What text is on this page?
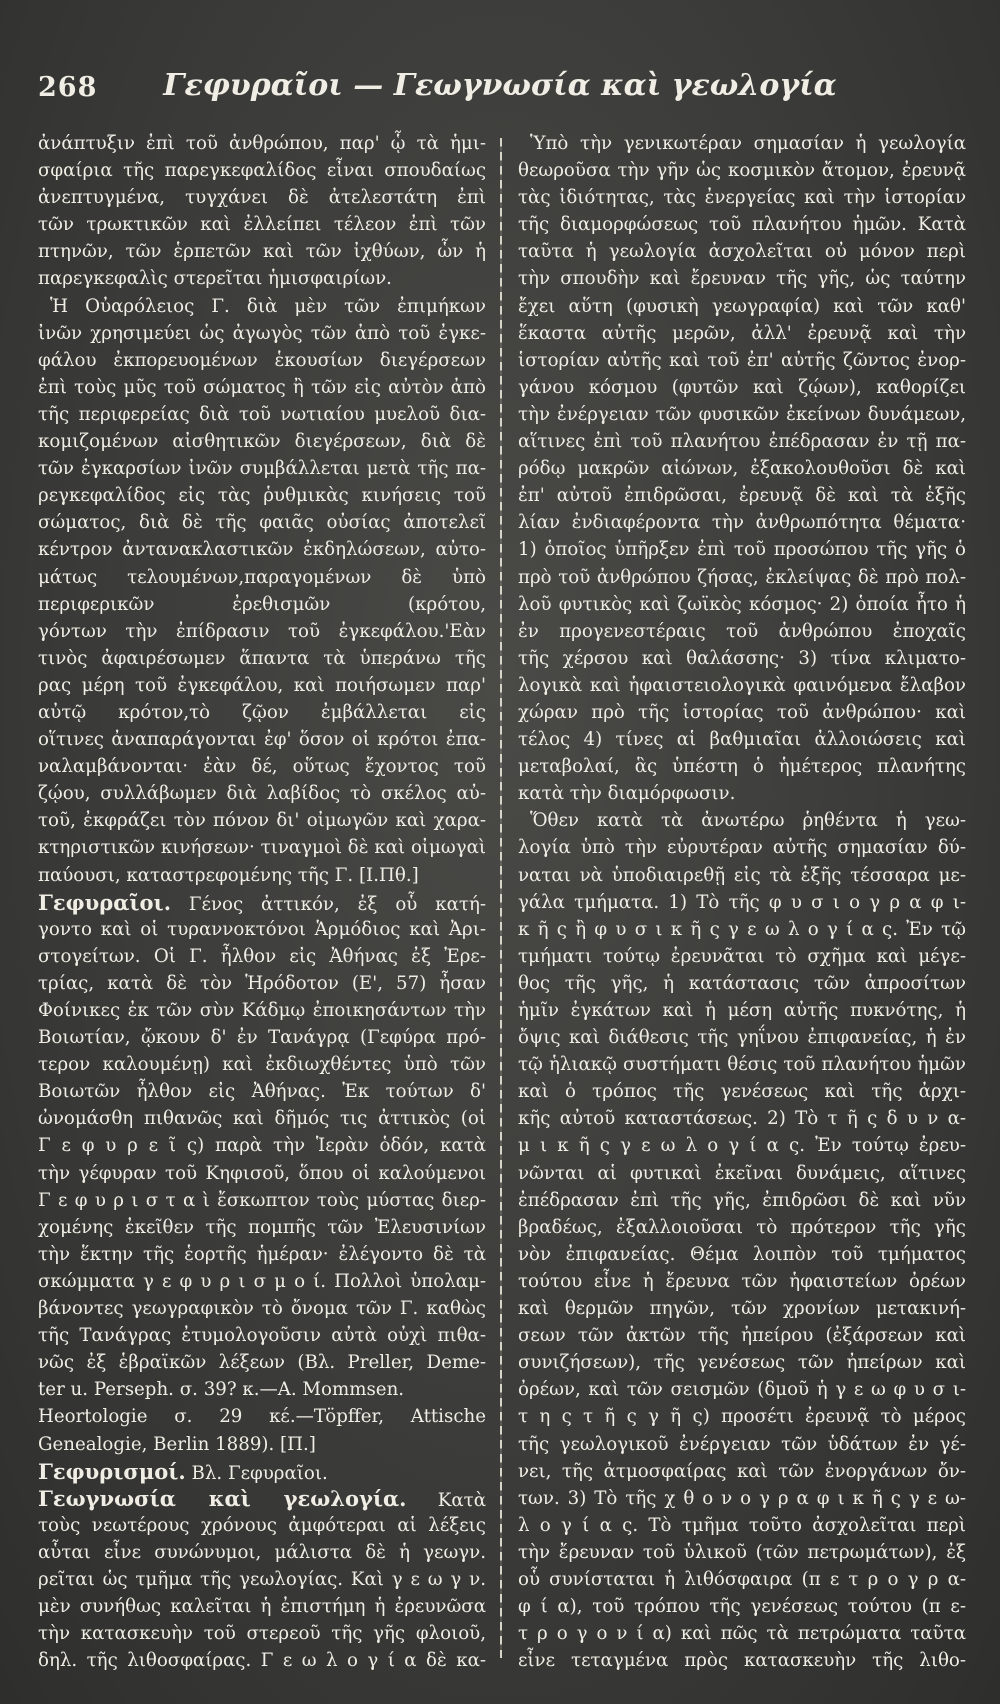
268	Γεφυραῖοι — Γεωγνωσία καὶ γεωλογία
ἀνάπτυξιν ἐπὶ τοῦ ἀνθρώπου, παρ' ᾧ τὰ ἡμι-
σφαίρια τῆς παρεγκεφαλίδος εἶναι σπουδαίως
ἀνεπτυγμένα, τυγχάνει δὲ ἀτελεστάτη ἐπὶ
τῶν τρωκτικῶν καὶ ἐλλείπει τέλεον ἐπὶ τῶν
πτηνῶν, τῶν ἑρπετῶν καὶ τῶν ἰχθύων, ὧν ἡ
παρεγκεφαλὶς στερεῖται ἡμισφαιρίων.
Ἡ Οὐαρόλειος Γ. διὰ μὲν τῶν ἐπιμήκων
ἰνῶν χρησιμεύει ὡς ἀγωγὸς τῶν ἀπὸ τοῦ ἐγκε-
φάλου ἐκπορευομένων ἑκουσίων διεγέρσεων
ἐπὶ τοὺς μῦς τοῦ σώματος ἢ τῶν εἰς αὐτὸν ἀπὸ
τῆς περιφερείας διὰ τοῦ νωτιαίου μυελοῦ δια-
κομιζομένων αἰσθητικῶν διεγέρσεων, διὰ δὲ
τῶν ἐγκαρσίων ἰνῶν συμβάλλεται μετὰ τῆς πα-
ρεγκεφαλίδος εἰς τὰς ῥυθμικὰς κινήσεις τοῦ
σώματος, διὰ δὲ τῆς φαιᾶς οὐσίας ἀποτελεῖ
κέντρον ἀντανακλαστικῶν ἐκδηλώσεων, αὐτο-
μάτως τελουμένων,παραγομένων δὲ ὑπὸ
περιφερικῶν ἐρεθισμῶν (κρότου,
γόντων τὴν ἐπίδρασιν τοῦ ἐγκεφάλου.'Εὰν
τινὸς ἀφαιρέσωμεν ἅπαντα τὰ ὑπεράνω τῆς
ρας μέρη τοῦ ἐγκεφάλου, καὶ ποιήσωμεν παρ'
αὐτῷ κρότον,τὸ ζῷον ἐμβάλλεται εἰς
οἵτινες ἀναπαράγονται ἐφ' ὅσον οἱ κρότοι ἐπα-
ναλαμβάνονται· ἐὰν δέ, οὕτως ἔχοντος τοῦ
ζῴου, συλλάβωμεν διὰ λαβίδος τὸ σκέλος αὐ-
τοῦ, ἐκφράζει τὸν πόνον δι' οἰμωγῶν καὶ χαρα-
κτηριστικῶν κινήσεων· τιναγμοὶ δὲ καὶ οἰμωγαὶ
παύουσι, καταστρεφομένης τῆς Γ. [Ι.Πθ.]
Γεφυραῖοι. Γένος ἀττικόν, ἐξ οὗ κατή-
γοντο καὶ οἱ τυραννοκτόνοι Ἁρμόδιος καὶ Ἀρι-
στογείτων. Οἱ Γ. ἦλθον εἰς Ἀθήνας ἐξ Ἐρε-
τρίας, κατὰ δὲ τὸν Ἡρόδοτον (Ε', 57) ἦσαν
Φοίνικες ἐκ τῶν σὺν Κάδμῳ ἐποικησάντων τὴν
Βοιωτίαν, ᾤκουν δ' ἐν Τανάγρᾳ (Γεφύρα πρό-
τερον καλουμένῃ) καὶ ἐκδιωχθέντες ὑπὸ τῶν
Βοιωτῶν ἦλθον εἰς Ἀθήνας. Ἐκ τούτων δ'
ὠνομάσθη πιθανῶς καὶ δῆμός τις ἀττικὸς (οἱ
Γ ε φ υ ρ ε ῖ ς) παρὰ τὴν Ἱερὰν ὁδόν, κατὰ
τὴν γέφυραν τοῦ Κηφισοῦ, ὅπου οἱ καλούμενοι
Γ ε φ υ ρ ι σ τ α ὶ ἔσκωπτον τοὺς μύστας διερ-
χομένης ἐκεῖθεν τῆς πομπῆς τῶν Ἐλευσινίων
τὴν ἕκτην τῆς ἑορτῆς ἡμέραν· ἐλέγοντο δὲ τὰ
σκώμματα γ ε φ υ ρ ι σ μ ο ί. Πολλοὶ ὑπολαμ-
βάνοντες γεωγραφικὸν τὸ ὄνομα τῶν Γ. καθὼς
τῆς Τανάγρας ἐτυμολογοῦσιν αὐτὰ οὐχὶ πιθα-
νῶς ἐξ ἑβραϊκῶν λέξεων (Βλ. Preller, Deme-
ter u. Perseph. σ. 39? κ.—A. Mommsen.
Heortologie σ. 29 κέ.—Töpffer, Attische
Genealogie, Berlin 1889). [Π.]
Γεφυρισμοί. Βλ. Γεφυραῖοι.
Γεωγνωσία καὶ γεωλογία. Κατὰ
τοὺς νεωτέρους χρόνους ἀμφότεραι αἱ λέξεις
αὗται εἶνε συνώνυμοι, μάλιστα δὲ ἡ γεωγν.
ρεῖται ὡς τμῆμα τῆς γεωλογίας. Καὶ γ ε ω γ ν.
μὲν συνήθως καλεῖται ἡ ἐπιστήμη ἡ ἐρευνῶσα
τὴν κατασκευὴν τοῦ στερεοῦ τῆς γῆς φλοιοῦ,
δηλ. τῆς λιθοσφαίρας. Γ ε ω λ ο γ ί α δὲ κα-
Ὑπὸ τὴν γενικωτέραν σημασίαν ἡ γεωλογία
θεωροῦσα τὴν γῆν ὡς κοσμικὸν ἄτομον, ἐρευνᾷ
τὰς ἰδιότητας, τὰς ἐνεργείας καὶ τὴν ἱστορίαν
τῆς διαμορφώσεως τοῦ πλανήτου ἡμῶν. Κατὰ
ταῦτα ἡ γεωλογία ἀσχολεῖται οὐ μόνον περὶ
τὴν σπουδὴν καὶ ἔρευναν τῆς γῆς, ὡς ταύτην
ἔχει αὕτη (φυσικὴ γεωγραφία) καὶ τῶν καθ'
ἕκαστα αὐτῆς μερῶν, ἀλλ' ἐρευνᾷ καὶ τὴν
ἱστορίαν αὐτῆς καὶ τοῦ ἐπ' αὐτῆς ζῶντος ἐνορ-
γάνου κόσμου (φυτῶν καὶ ζῴων), καθορίζει
τὴν ἐνέργειαν τῶν φυσικῶν ἐκείνων δυνάμεων,
αἵτινες ἐπὶ τοῦ πλανήτου ἐπέδρασαν ἐν τῇ πα-
ρόδῳ μακρῶν αἰώνων, ἐξακολουθοῦσι δὲ καὶ
ἐπ' αὐτοῦ ἐπιδρῶσαι, ἐρευνᾷ δὲ καὶ τὰ ἑξῆς
λίαν ἐνδιαφέροντα τὴν ἀνθρωπότητα θέματα·
1) ὁποῖος ὑπῆρξεν ἐπὶ τοῦ προσώπου τῆς γῆς ὁ
πρὸ τοῦ ἀνθρώπου ζήσας, ἐκλείψας δὲ πρὸ πολ-
λοῦ φυτικὸς καὶ ζωϊκὸς κόσμος· 2) ὁποία ἦτο ἡ
ἐν προγενεστέραις τοῦ ἀνθρώπου ἐποχαῖς
τῆς χέρσου καὶ θαλάσσης· 3) τίνα κλιματο-
λογικὰ καὶ ἡφαιστειολογικὰ φαινόμενα ἔλαβον
χώραν πρὸ τῆς ἱστορίας τοῦ ἀνθρώπου· καὶ
τέλος 4) τίνες αἱ βαθμιαῖαι ἀλλοιώσεις καὶ
μεταβολαί, ἃς ὑπέστη ὁ ἡμέτερος πλανήτης
κατὰ τὴν διαμόρφωσιν.
Ὅθεν κατὰ τὰ ἀνωτέρω ῥηθέντα ἡ γεω-
λογία ὑπὸ τὴν εὐρυτέραν αὐτῆς σημασίαν δύ-
ναται νὰ ὑποδιαιρεθῇ εἰς τὰ ἑξῆς τέσσαρα με-
γάλα τμήματα. 1) Τὸ τῆς φ υ σ ι ο γ ρ α φ ι-
κ ῆ ς ἢ φ υ σ ι κ ῆ ς γ ε ω λ ο γ ί α ς. Ἐν τῷ
τμήματι τούτῳ ἐρευνᾶται τὸ σχῆμα καὶ μέγε-
θος τῆς γῆς, ἡ κατάστασις τῶν ἀπροσίτων
ἡμῖν ἐγκάτων καὶ ἡ μέση αὐτῆς πυκνότης, ἡ
ὄψις καὶ διάθεσις τῆς γηΐνου ἐπιφανείας, ἡ ἐν
τῷ ἡλιακῷ συστήματι θέσις τοῦ πλανήτου ἡμῶν
καὶ ὁ τρόπος τῆς γενέσεως καὶ τῆς ἀρχι-
κῆς αὐτοῦ καταστάσεως. 2) Τὸ τ ῆ ς δ υ ν α-
μ ι κ ῆ ς γ ε ω λ ο γ ί α ς. Ἐν τούτῳ ἐρευ-
νῶνται αἱ φυτικαὶ ἐκεῖναι δυνάμεις, αἵτινες
ἐπέδρασαν ἐπὶ τῆς γῆς, ἐπιδρῶσι δὲ καὶ νῦν
βραδέως, ἐξαλλοιοῦσαι τὸ πρότερον τῆς γῆς
νὸν ἐπιφανείας. Θέμα λοιπὸν τοῦ τμήματος
τούτου εἶνε ἡ ἔρευνα τῶν ἡφαιστείων ὀρέων
καὶ θερμῶν πηγῶν, τῶν χρονίων μετακινή-
σεων τῶν ἀκτῶν τῆς ἠπείρου (ἐξάρσεων καὶ
συνιζήσεων), τῆς γενέσεως τῶν ἠπείρων καὶ
ὀρέων, καὶ τῶν σεισμῶν (δμοῦ ἡ γ ε ω φ υ σ ι-
τ η ς τ ῆ ς γ ῆ ς) προσέτι ἐρευνᾷ τὸ μέρος
τῆς γεωλογικοῦ ἐνέργειαν τῶν ὑδάτων ἐν γέ-
νει, τῆς ἀτμοσφαίρας καὶ τῶν ἐνοργάνων ὄν-
των. 3) Τὸ τῆς χ θ ο ν ο γ ρ α φ ι κ ῆ ς γ ε ω-
λ ο γ ί α ς. Τὸ τμῆμα τοῦτο ἀσχολεῖται περὶ
τὴν ἔρευναν τοῦ ὑλικοῦ (τῶν πετρωμάτων), ἐξ
οὗ συνίσταται ἡ λιθόσφαιρα (π ε τ ρ ο γ ρ α-
φ ί α), τοῦ τρόπου τῆς γενέσεως τούτου (π ε-
τ ρ ο γ ο ν ί α) καὶ πῶς τὰ πετρώματα ταῦτα
εἶνε τεταγμένα πρὸς κατασκευὴν τῆς λιθο-
